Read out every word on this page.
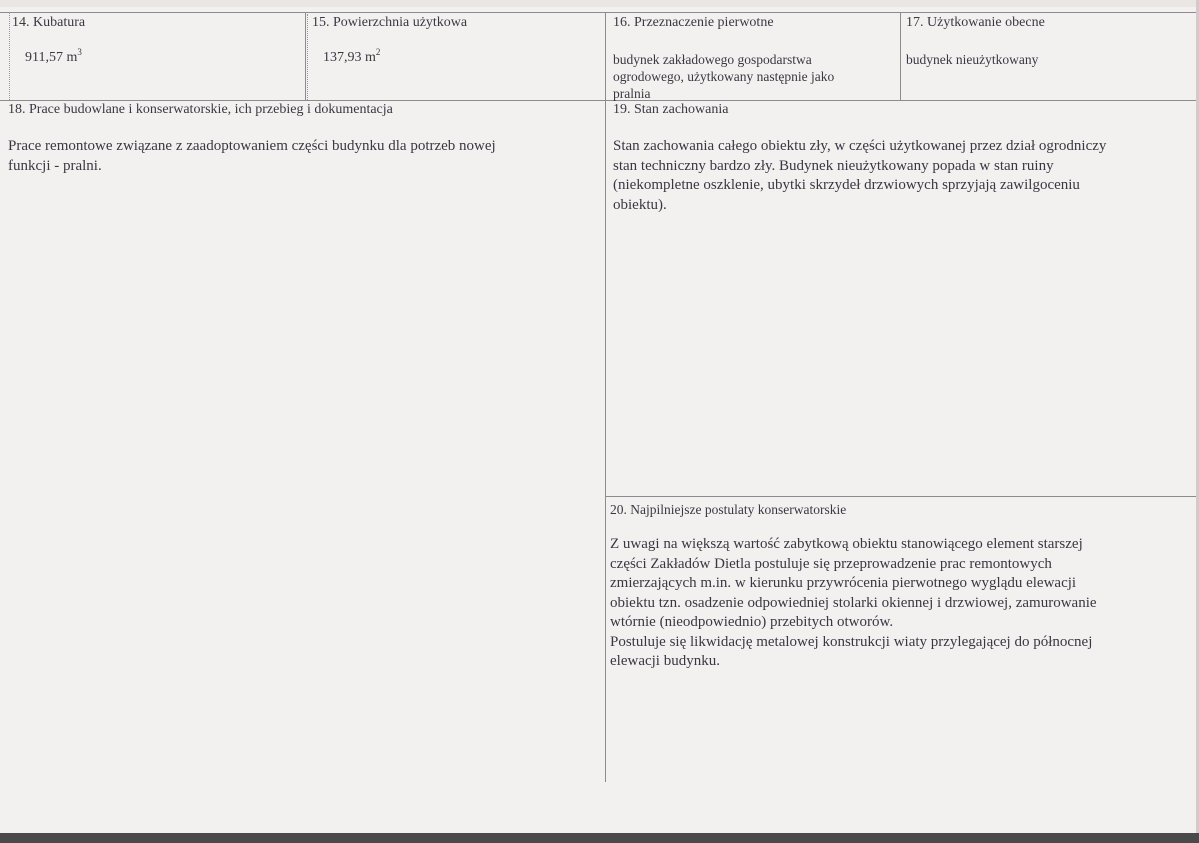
14. Kubatura
911,57 $m^3$
15. Powierzchnia użytkowa
137,93 $m^2$
16. Przeznaczenie pierwotne
budynek zakładowego gospodarstwa
ogrodowego, użytkowany następnie jako
pralnia
17. Użytkowanie obecne
budynek nieużytkowany
18. Prace budowlane i konserwatorskie, ich przebieg i dokumentacja
Prace remontowe związane z zaadoptowaniem części budynku dla potrzeb nowej
funkcji - pralni.
19. Stan zachowania
Stan zachowania całego obiektu zły, w części użytkowanej przez dział ogrodniczy
stan techniczny bardzo zły. Budynek nieużytkowany popada w stan ruiny
(niekompletne oszklenie, ubytki skrzydeł drzwiowych sprzyjają zawilgoceniu
obiektu).
20. Najpilniejsze postulaty konserwatorskie
Z uwagi na większą wartość zabytkową obiektu stanowiącego element starszej
części Zakładów Dietla postuluje się przeprowadzenie prac remontowych
zmierzających m.in. w kierunku przywrócenia pierwotnego wyglądu elewacji
obiektu tzn. osadzenie odpowiedniej stolarki okiennej i drzwiowej, zamurowanie
wtórnie (nieodpowiednio) przebitych otworów.
Postuluje się likwidację metalowej konstrukcji wiaty przylegającej do północnej
elewacji budynku.
